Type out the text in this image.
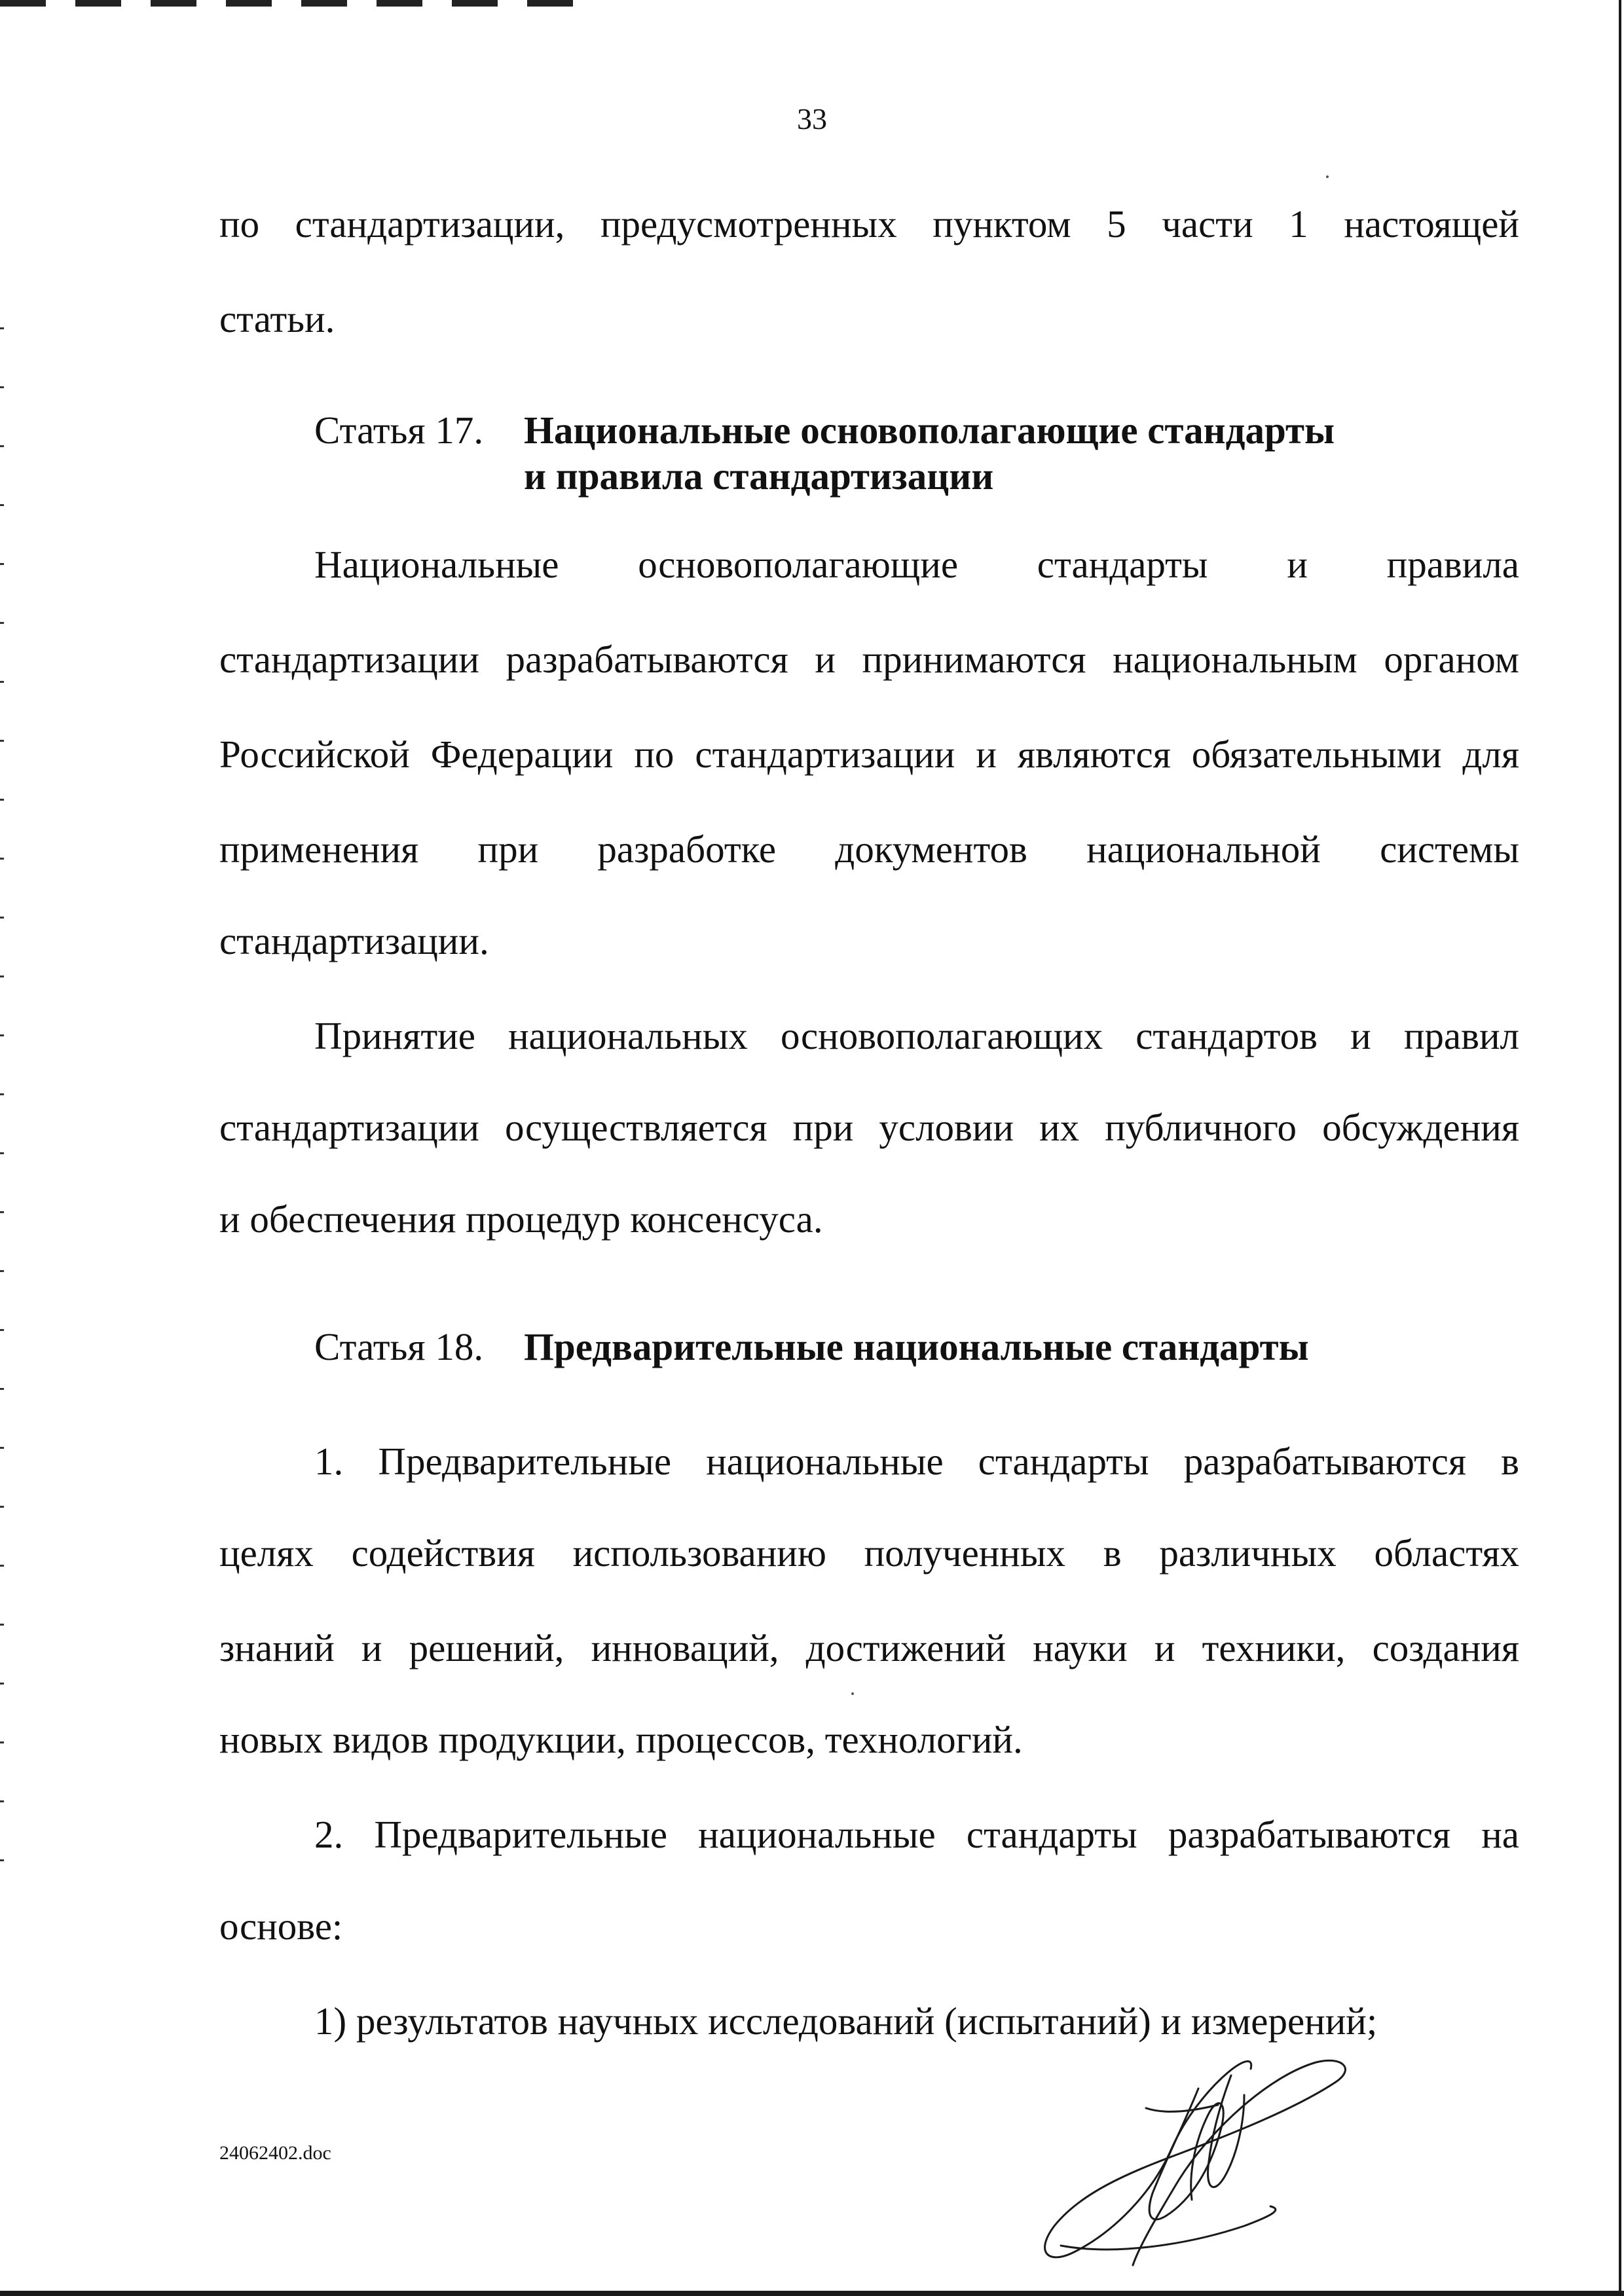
33

по стандартизации, предусмотренных пунктом 5 части 1 настоящей

статьи.

Статья 17. Национальные основополагающие стандарты
и правила стандартизации

Национальные основополагающие стандарты и правила

стандартизации разрабатываются и принимаются национальным органом

Российской Федерации по стандартизации и являются обязательными для

применения при разработке документов национальной системы

стандартизации.

Принятие национальных основополагающих стандартов и правил

стандартизации осуществляется при условии их публичного обсуждения

и обеспечения процедур консенсуса.

Статья 18. Предварительные национальные стандарты

1. Предварительные национальные стандарты разрабатываются в

целях содействия использованию полученных в различных областях

знаний и решений, инноваций, достижений науки и техники, создания

новых видов продукции, процессов, технологий.

2. Предварительные национальные стандарты разрабатываются на

основе:

1) результатов научных исследований (испытаний) и измерений;

24062402.doc
